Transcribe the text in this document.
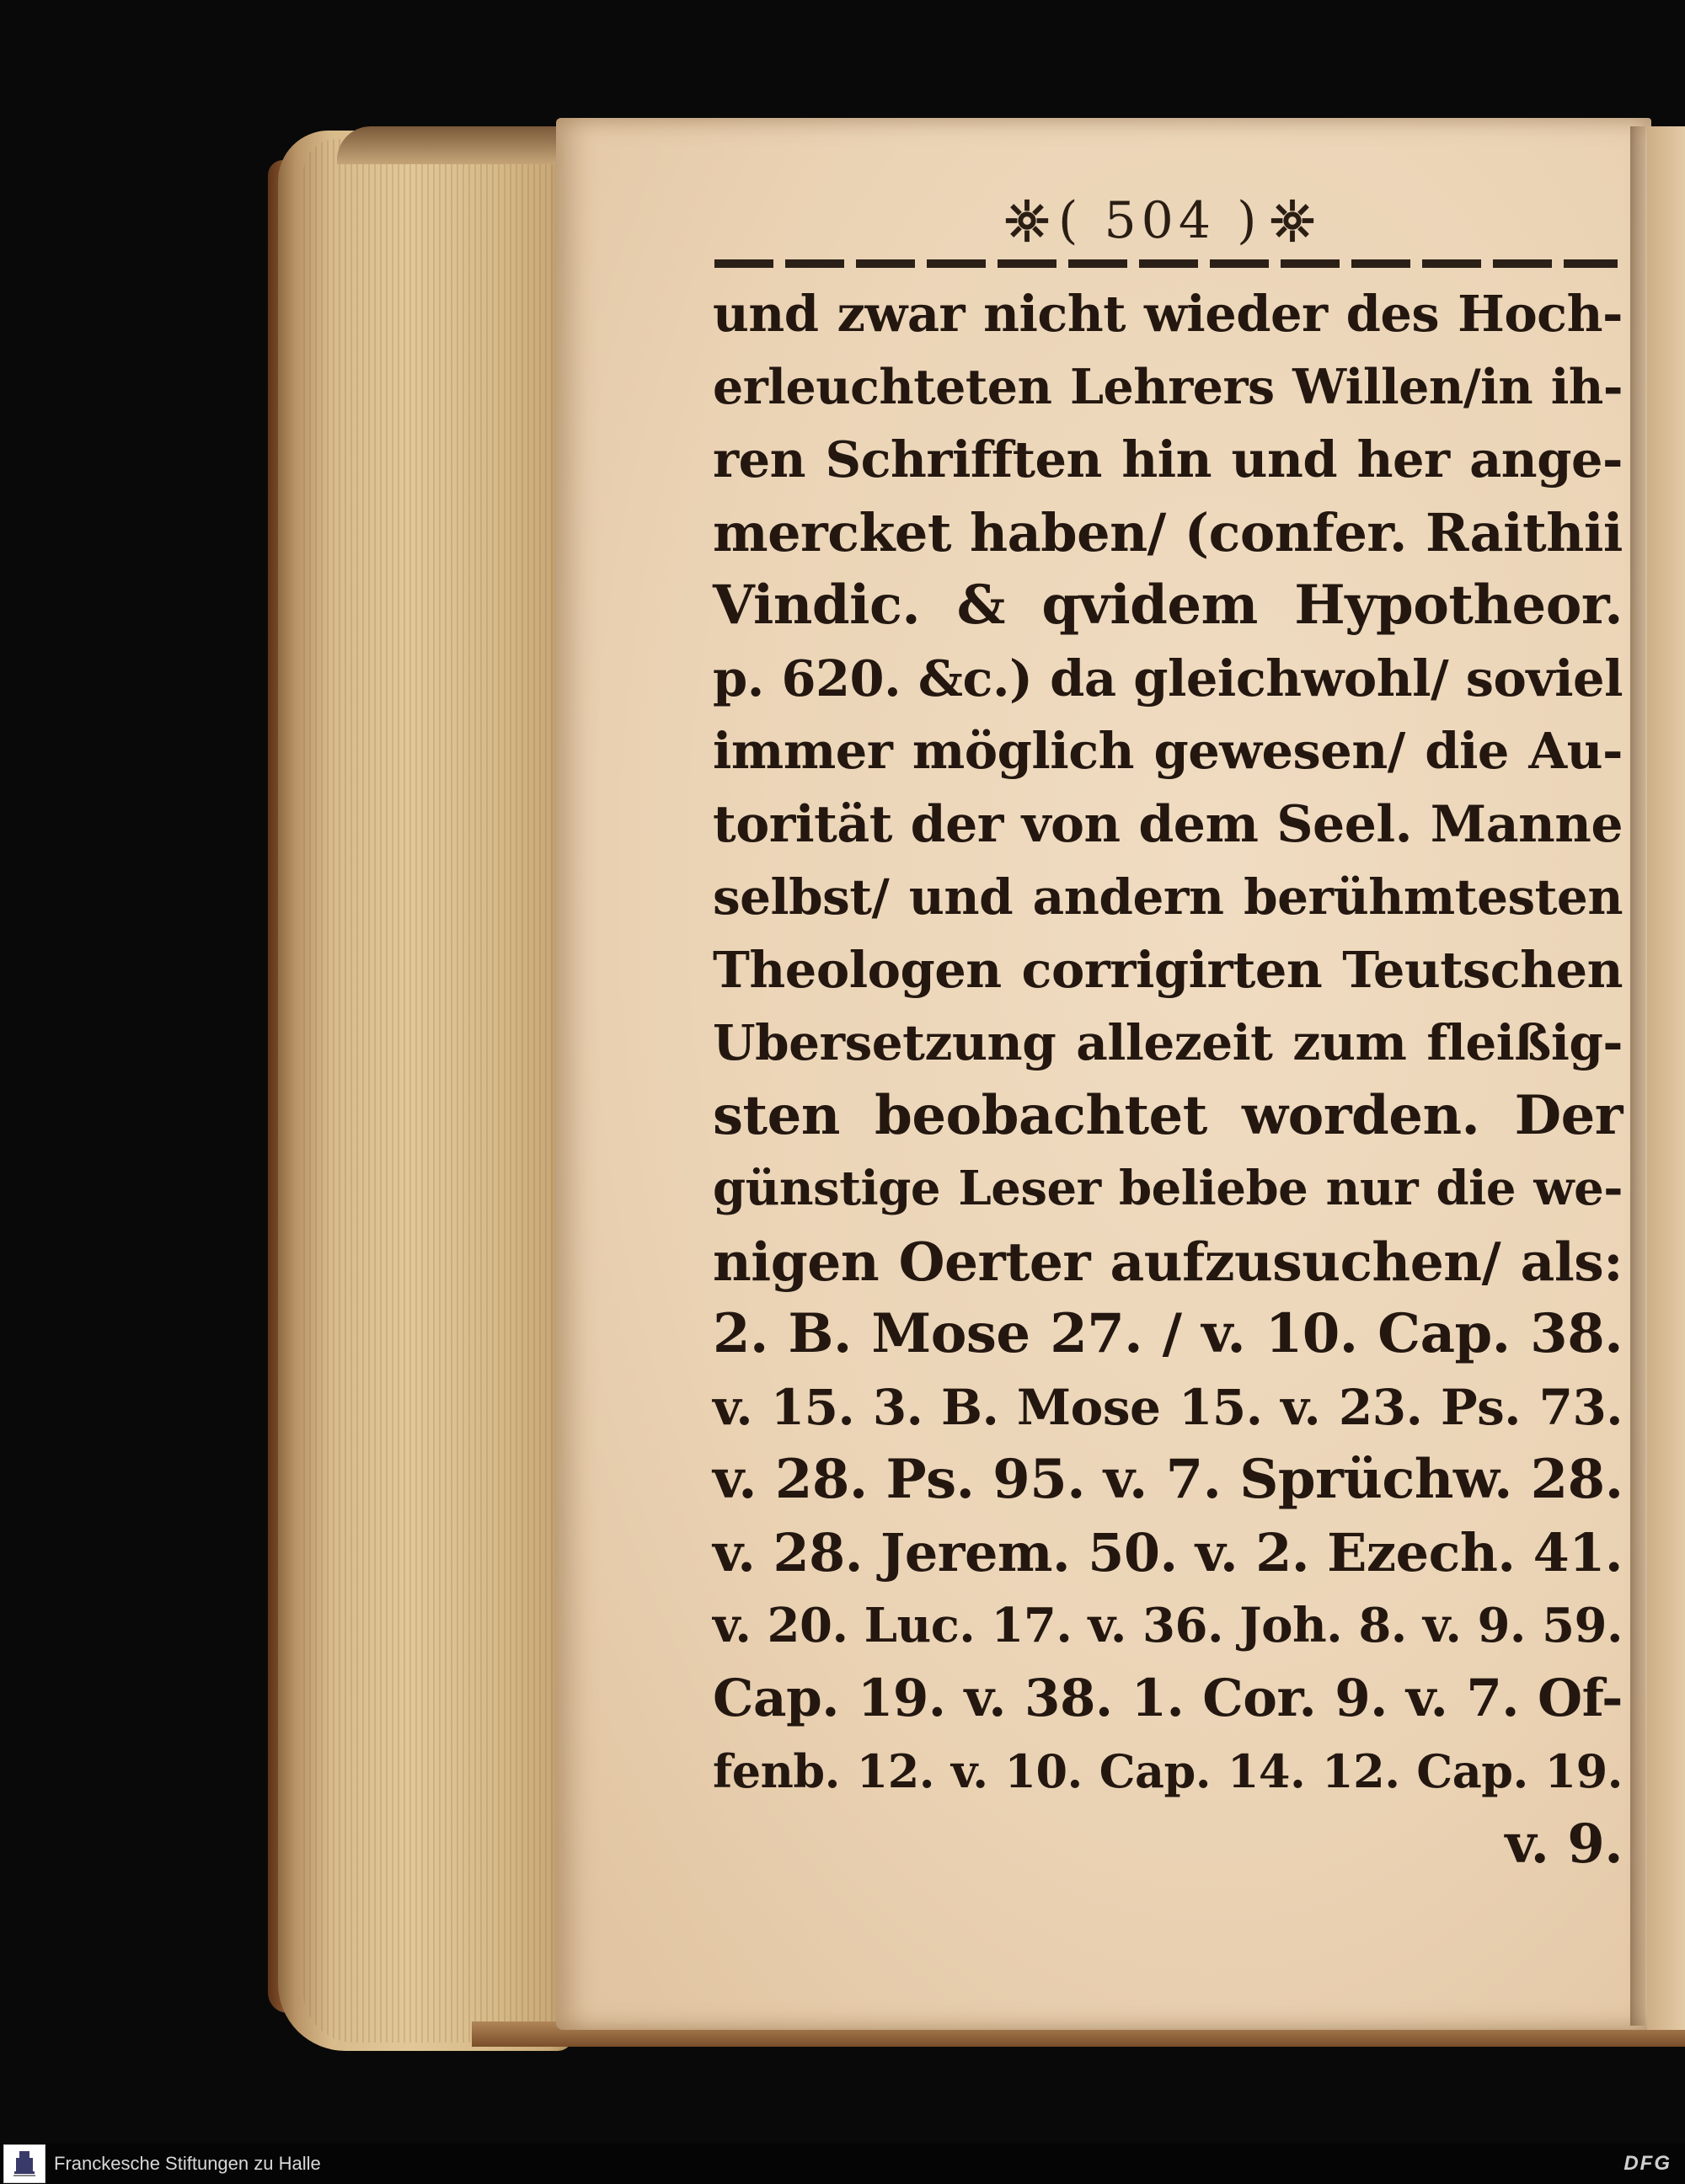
( 504 )
und zwar nicht wieder des Hoch-
erleuchteten Lehrers Willen/in ih-
ren Schrifften hin und her ange-
mercket haben/ (confer. Raithii
Vindic. & qvidem Hypotheor.
p. 620. &c.) da gleichwohl/ soviel
immer möglich gewesen/ die Au-
torität der von dem Seel. Manne
selbst/ und andern berühmtesten
Theologen corrigirten Teutschen
Ubersetzung allezeit zum fleißig-
sten beobachtet worden. Der
günstige Leser beliebe nur die we-
nigen Oerter aufzusuchen/ als:
2. B. Mose 27. / v. 10. Cap. 38.
v. 15. 3. B. Mose 15. v. 23. Ps. 73.
v. 28. Ps. 95. v. 7. Sprüchw. 28.
v. 28. Jerem. 50. v. 2. Ezech. 41.
v. 20. Luc. 17. v. 36. Joh. 8. v. 9. 59.
Cap. 19. v. 38. 1. Cor. 9. v. 7. Of-
fenb. 12. v. 10. Cap. 14. 12. Cap. 19.
v. 9.
Franckesche Stiftungen zu Halle	DFG
